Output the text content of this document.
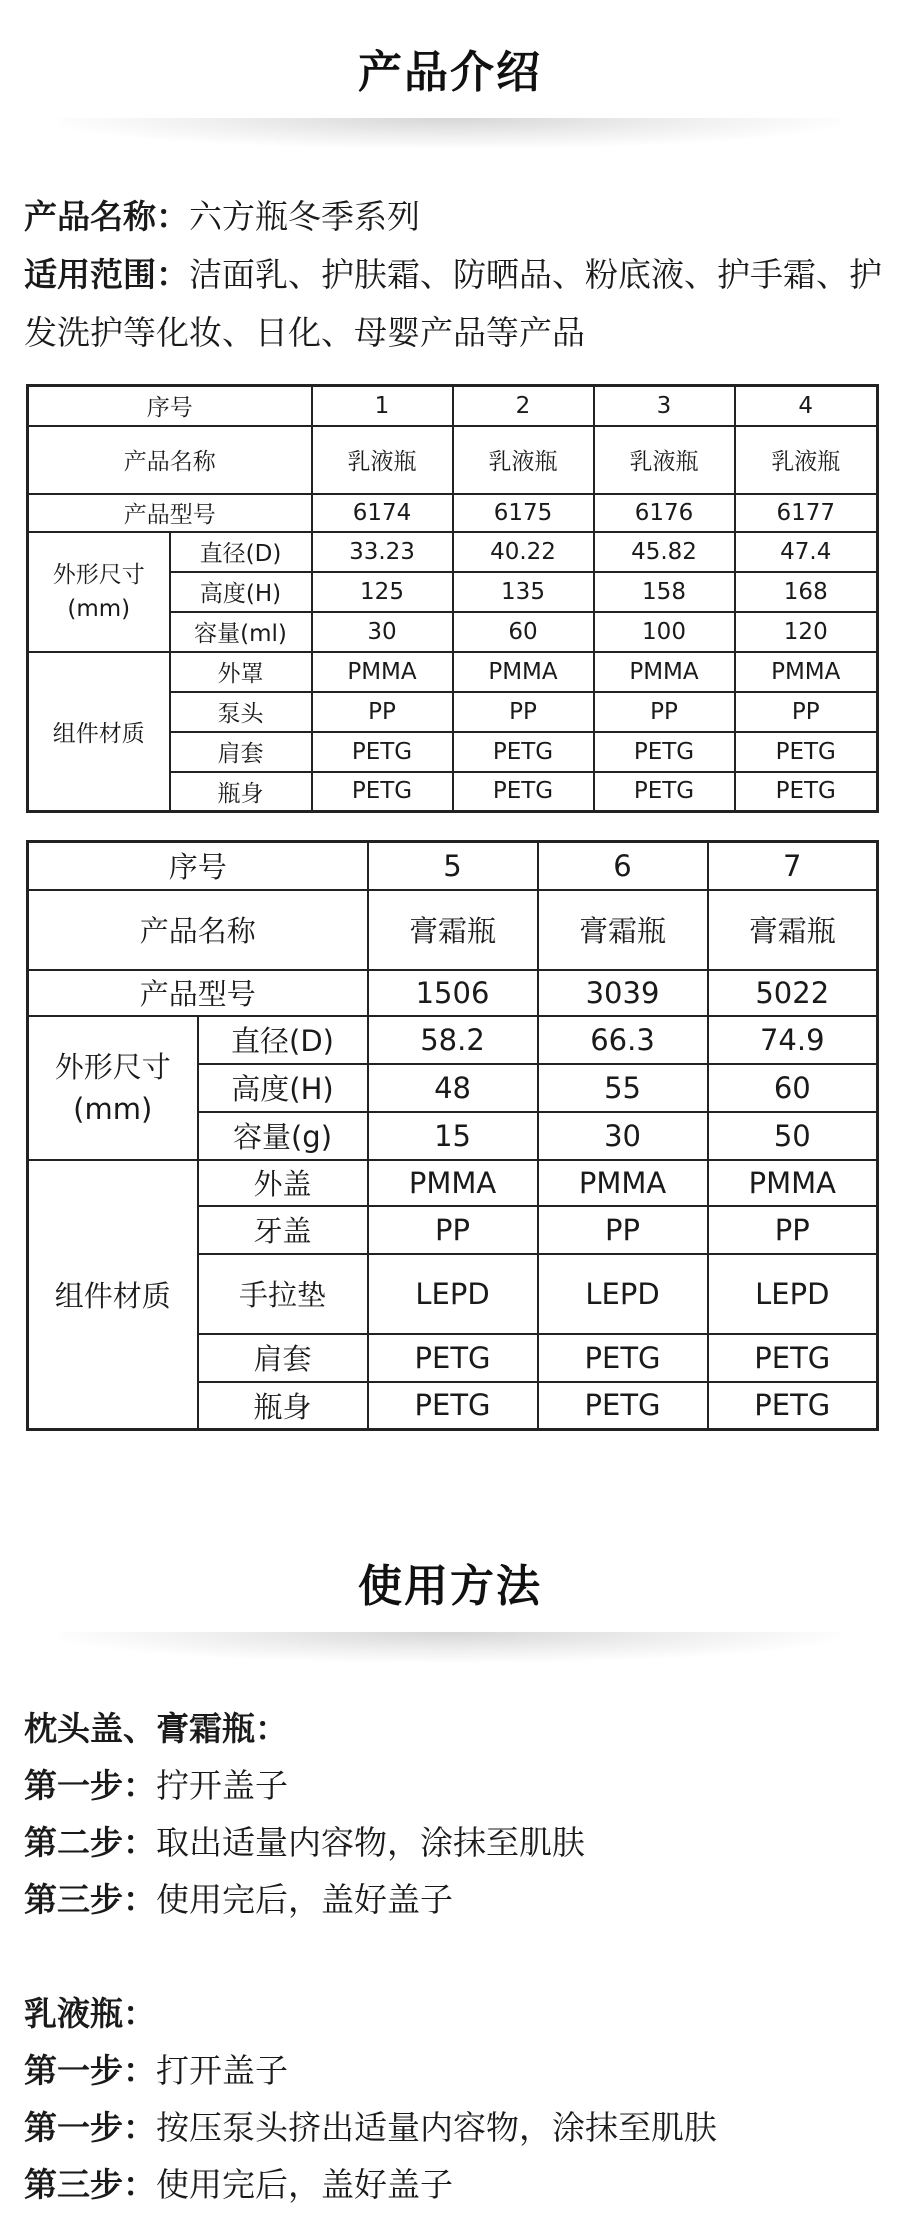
产品介绍
产品名称：六方瓶冬季系列
适用范围：洁面乳、护肤霜、防晒品、粉底液、护手霜、护发洗护等化妆、日化、母婴产品等产品
序号		1	2	3	4
产品名称		乳液瓶	乳液瓶	乳液瓶	乳液瓶
产品型号		6174	6175	6176	6177
外形尺寸(mm)	直径(D)	33.23	40.22	45.82	47.4
	高度(H)	125	135	158	168
	容量(ml)	30	60	100	120
组件材质	外罩	PMMA	PMMA	PMMA	PMMA
	泵头	PP	PP	PP	PP
	肩套	PETG	PETG	PETG	PETG
	瓶身	PETG	PETG	PETG	PETG
序号		5	6	7
产品名称		膏霜瓶	膏霜瓶	膏霜瓶
产品型号		1506	3039	5022
外形尺寸(mm)	直径(D)	58.2	66.3	74.9
	高度(H)	48	55	60
	容量(g)	15	30	50
组件材质	外盖	PMMA	PMMA	PMMA
	牙盖	PP	PP	PP
	手拉垫	LEPD	LEPD	LEPD
	肩套	PETG	PETG	PETG
	瓶身	PETG	PETG	PETG
使用方法
枕头盖、膏霜瓶：
第一步：拧开盖子
第二步：取出适量内容物，涂抹至肌肤
第三步：使用完后，盖好盖子
乳液瓶：
第一步：打开盖子
第一步：按压泵头挤出适量内容物，涂抹至肌肤
第三步：使用完后，盖好盖子
